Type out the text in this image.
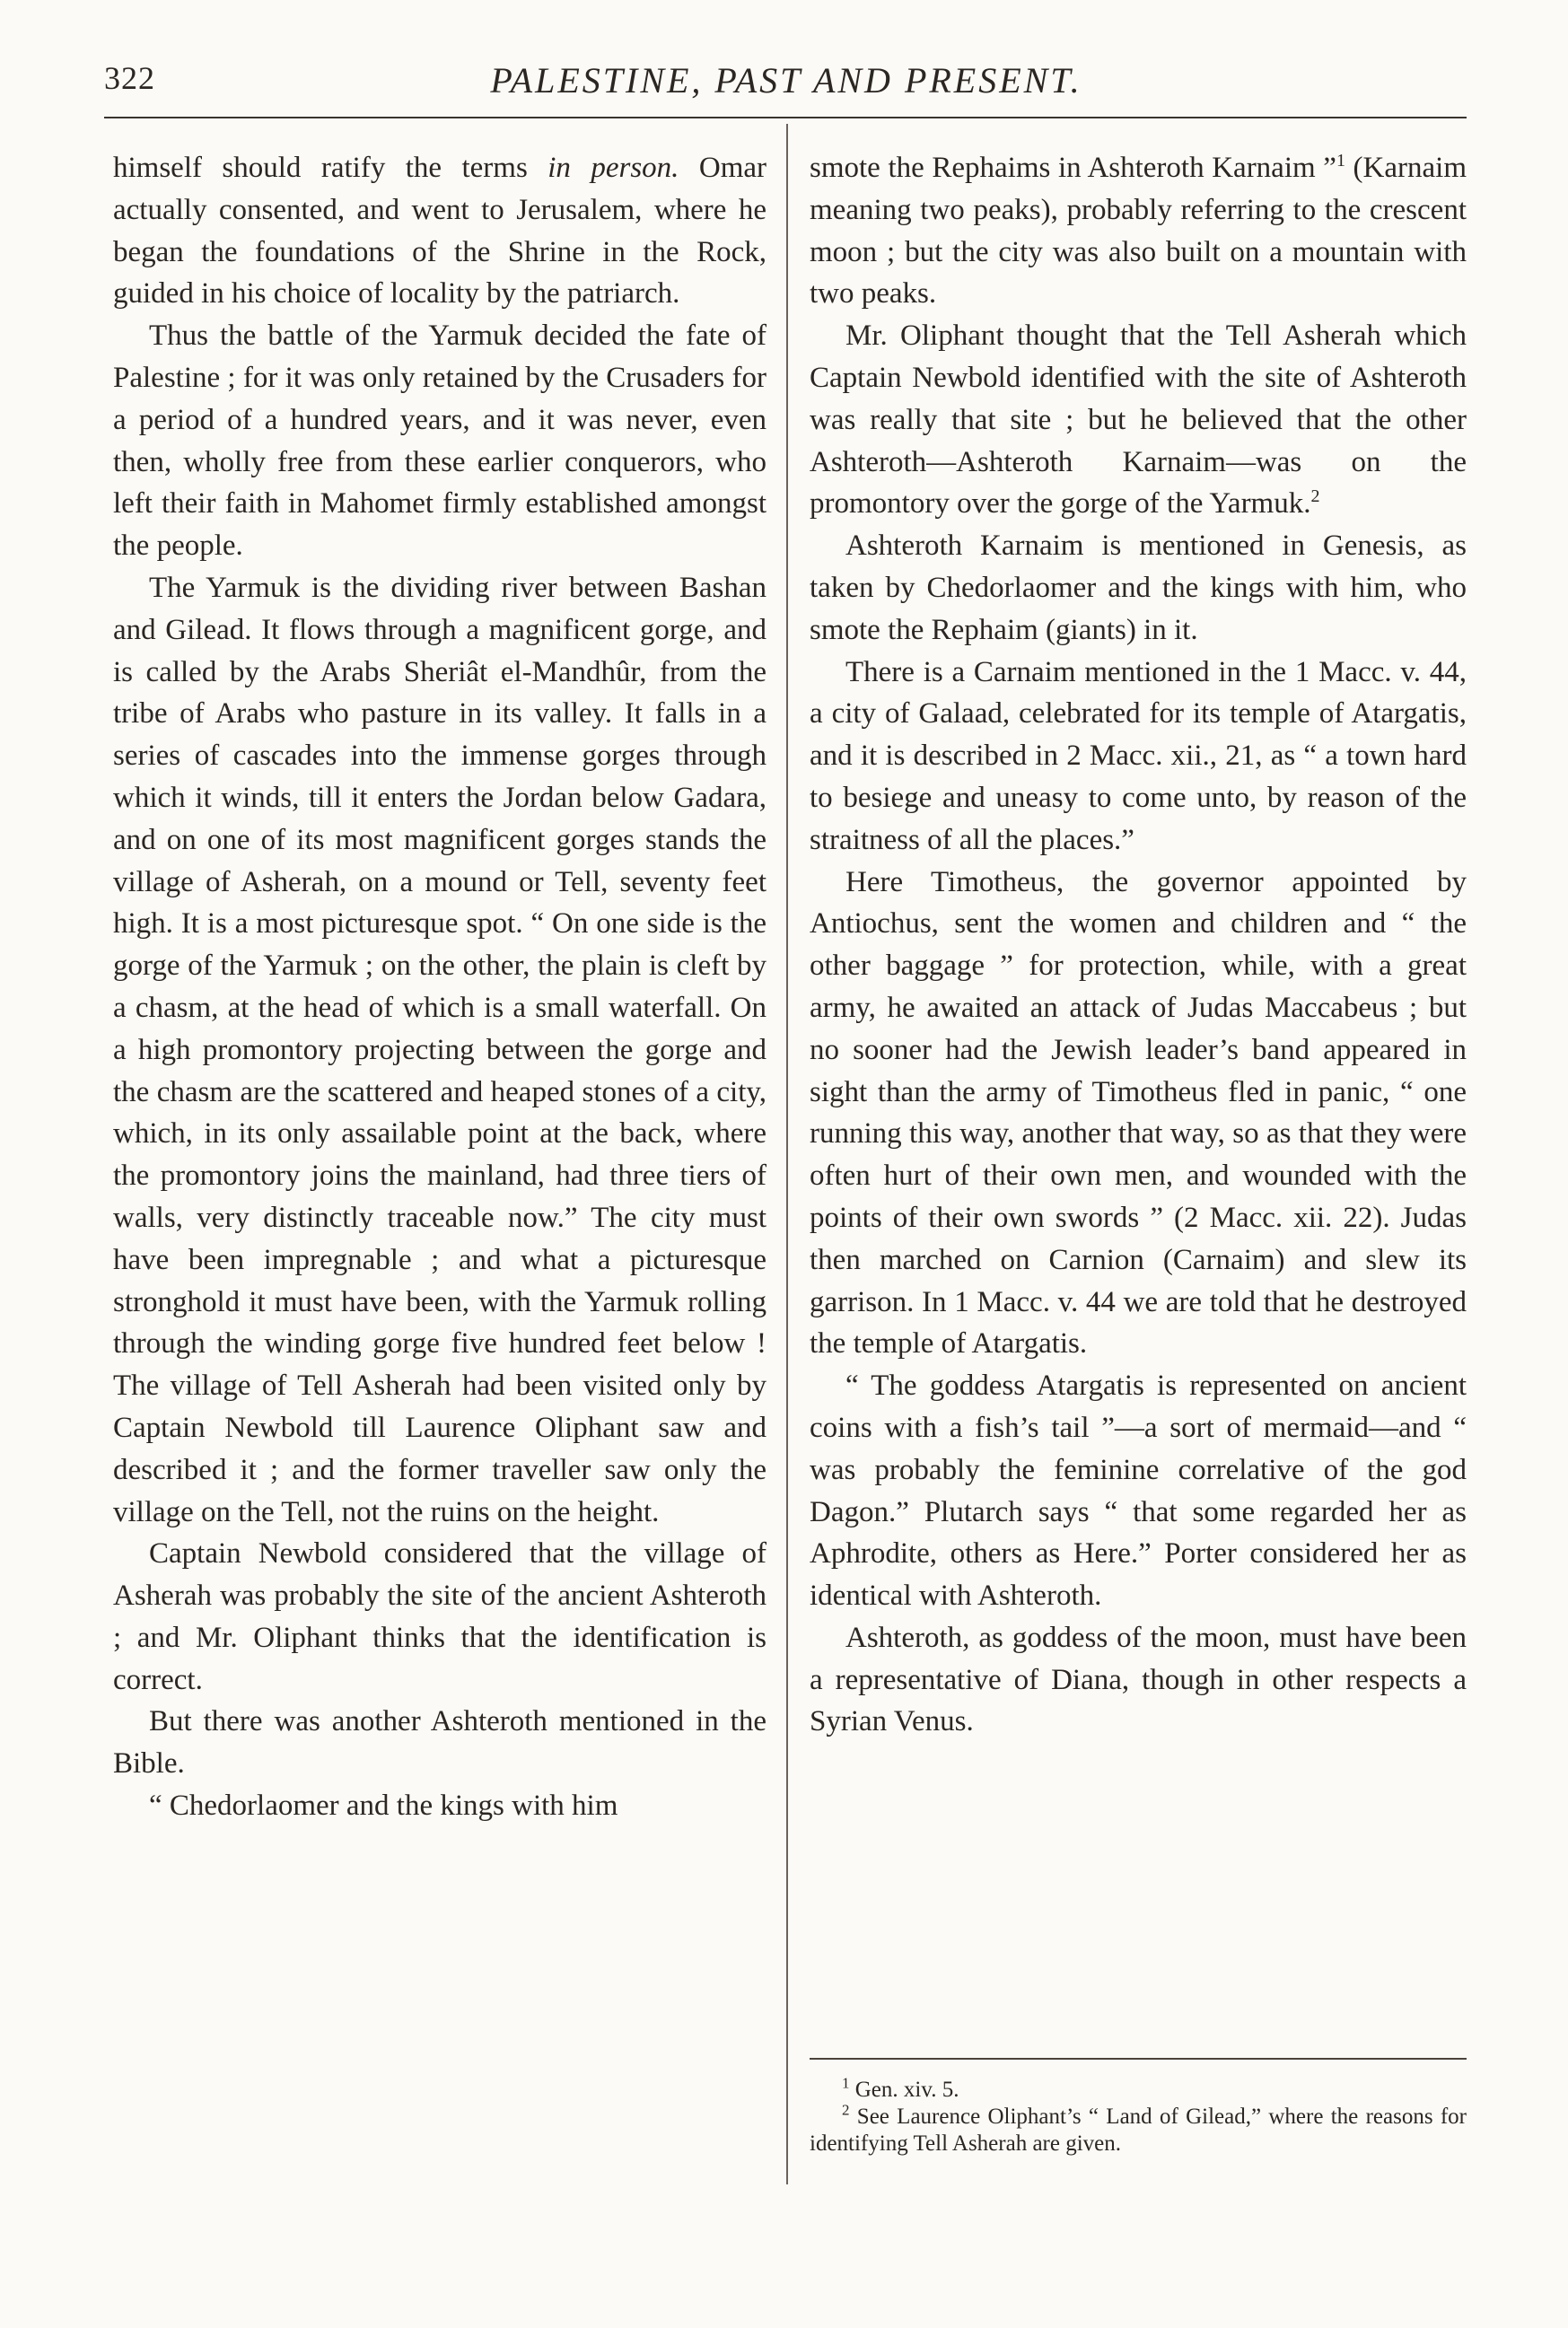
322	PALESTINE, PAST AND PRESENT.

himself should ratify the terms in person. Omar actually consented, and went to Jerusalem, where he began the foundations of the Shrine in the Rock, guided in his choice of locality by the patriarch.

Thus the battle of the Yarmuk decided the fate of Palestine ; for it was only retained by the Crusaders for a period of a hundred years, and it was never, even then, wholly free from these earlier conquerors, who left their faith in Mahomet firmly established amongst the people.

The Yarmuk is the dividing river between Bashan and Gilead. It flows through a magnificent gorge, and is called by the Arabs Sheriât el-Mandhûr, from the tribe of Arabs who pasture in its valley. It falls in a series of cascades into the immense gorges through which it winds, till it enters the Jordan below Gadara, and on one of its most magnificent gorges stands the village of Asherah, on a mound or Tell, seventy feet high. It is a most picturesque spot. “ On one side is the gorge of the Yarmuk ; on the other, the plain is cleft by a chasm, at the head of which is a small waterfall. On a high promontory projecting between the gorge and the chasm are the scattered and heaped stones of a city, which, in its only assailable point at the back, where the promontory joins the mainland, had three tiers of walls, very distinctly traceable now.” The city must have been impregnable ; and what a picturesque stronghold it must have been, with the Yarmuk rolling through the winding gorge five hundred feet below ! The village of Tell Asherah had been visited only by Captain Newbold till Laurence Oliphant saw and described it ; and the former traveller saw only the village on the Tell, not the ruins on the height.

Captain Newbold considered that the village of Asherah was probably the site of the ancient Ashteroth ; and Mr. Oliphant thinks that the identification is correct.

But there was another Ashteroth mentioned in the Bible.

“ Chedorlaomer and the kings with him

smote the Rephaims in Ashteroth Karnaim ”$^1$ (Karnaim meaning two peaks), probably referring to the crescent moon ; but the city was also built on a mountain with two peaks.

Mr. Oliphant thought that the Tell Asherah which Captain Newbold identified with the site of Ashteroth was really that site ; but he believed that the other Ashteroth—Ashteroth Karnaim—was on the promontory over the gorge of the Yarmuk.$^2$

Ashteroth Karnaim is mentioned in Genesis, as taken by Chedorlaomer and the kings with him, who smote the Rephaim (giants) in it.

There is a Carnaim mentioned in the 1 Macc. v. 44, a city of Galaad, celebrated for its temple of Atargatis, and it is described in 2 Macc. xii., 21, as “ a town hard to besiege and uneasy to come unto, by reason of the straitness of all the places.”

Here Timotheus, the governor appointed by Antiochus, sent the women and children and “ the other baggage ” for protection, while, with a great army, he awaited an attack of Judas Maccabeus ; but no sooner had the Jewish leader’s band appeared in sight than the army of Timotheus fled in panic, “ one running this way, another that way, so as that they were often hurt of their own men, and wounded with the points of their own swords ” (2 Macc. xii. 22). Judas then marched on Carnion (Carnaim) and slew its garrison. In 1 Macc. v. 44 we are told that he destroyed the temple of Atargatis.

“ The goddess Atargatis is represented on ancient coins with a fish’s tail ”—a sort of mermaid—and “ was probably the feminine correlative of the god Dagon.” Plutarch says “ that some regarded her as Aphrodite, others as Here.” Porter considered her as identical with Ashteroth.

Ashteroth, as goddess of the moon, must have been a representative of Diana, though in other respects a Syrian Venus.

$^1$ Gen. xiv. 5.

$^2$ See Laurence Oliphant’s “ Land of Gilead,” where the reasons for identifying Tell Asherah are given.
